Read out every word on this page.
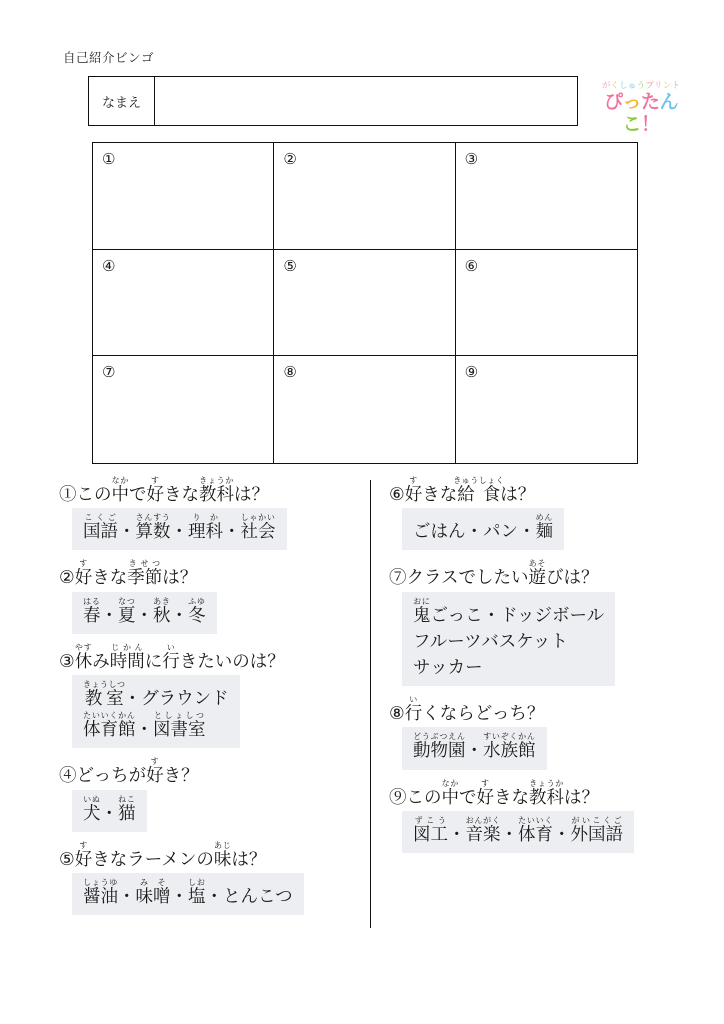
自己紹介ビンゴ
なまえ
がくしゅうプリント
ぴったんこ！
①	②	③
④	⑤	⑥
⑦	⑧	⑨
①この中なかで好すきな教科きょうかは？
国語こくご・算数さんすう・理科りか・社会しゃかい
②好すきな季節きせつは？
春はる・夏なつ・秋あき・冬ふゆ
③休やすみ時間じかんに行いきたいのは？
教室きょうしつ・グラウンド
体育館たいいくかん・図書室としょしつ
④どっちが好すき？
犬いぬ・猫ねこ
⑤好すきなラーメンの味あじは？
醤油しょうゆ・味噌みそ・塩しお・とんこつ
⑥好すきな給食きゅうしょくは？
ごはん・パン・麺めん
⑦クラスでしたい遊あそびは？
鬼おにごっこ・ドッジボール
フルーツバスケット
サッカー
⑧行いくならどっち？
動物園どうぶつえん・水族館すいぞくかん
⑨この中なかで好すきな教科きょうかは？
図工ずこう・音楽おんがく・体育たいいく・外国語がいこくご
